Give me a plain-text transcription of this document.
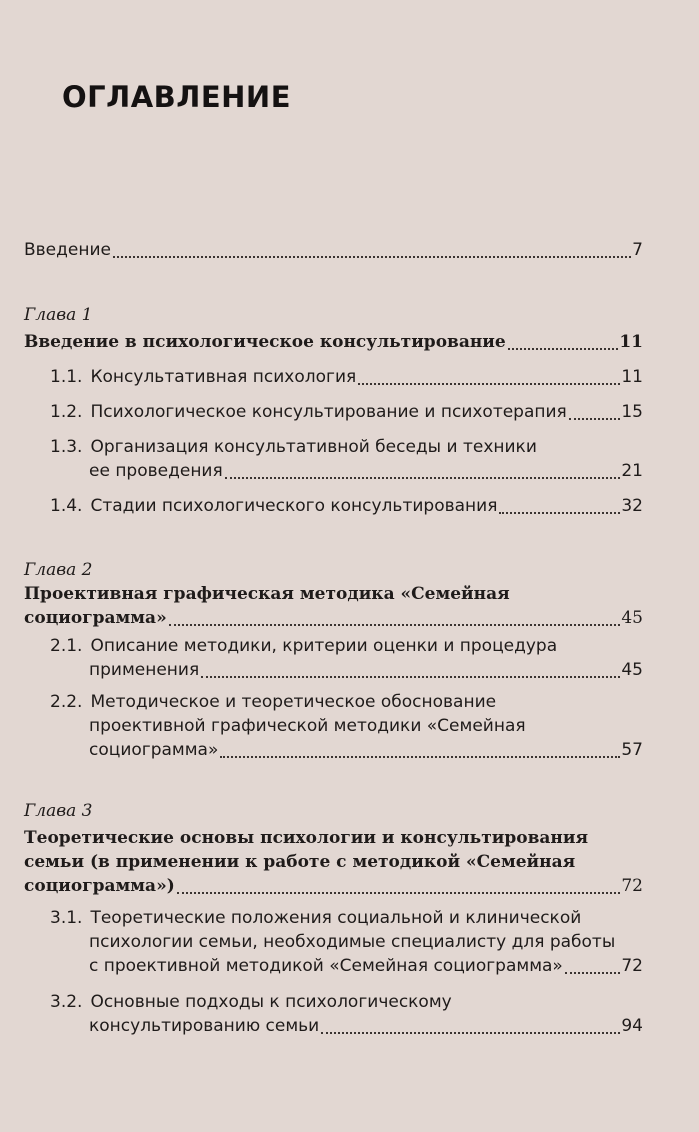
ОГЛАВЛЕНИЕ
Введение	7
Глава 1
Введение в психологическое консультирование	11
1.1. Консультативная психология	11
1.2. Психологическое консультирование и психотерапия	15
1.3. Организация консультативной беседы и техники
ее проведения	21
1.4. Стадии психологического консультирования	32
Глава 2
Проективная графическая методика «Семейная
социограмма»	45
2.1. Описание методики, критерии оценки и процедура
применения	45
2.2. Методическое и теоретическое обоснование
проективной графической методики «Семейная
социограмма»	57
Глава 3
Теоретические основы психологии и консультирования
семьи (в применении к работе с методикой «Семейная
социограмма»)	72
3.1. Теоретические положения социальной и клинической
психологии семьи, необходимые специалисту для работы
с проективной методикой «Семейная социограмма»	72
3.2. Основные подходы к психологическому
консультированию семьи	94
